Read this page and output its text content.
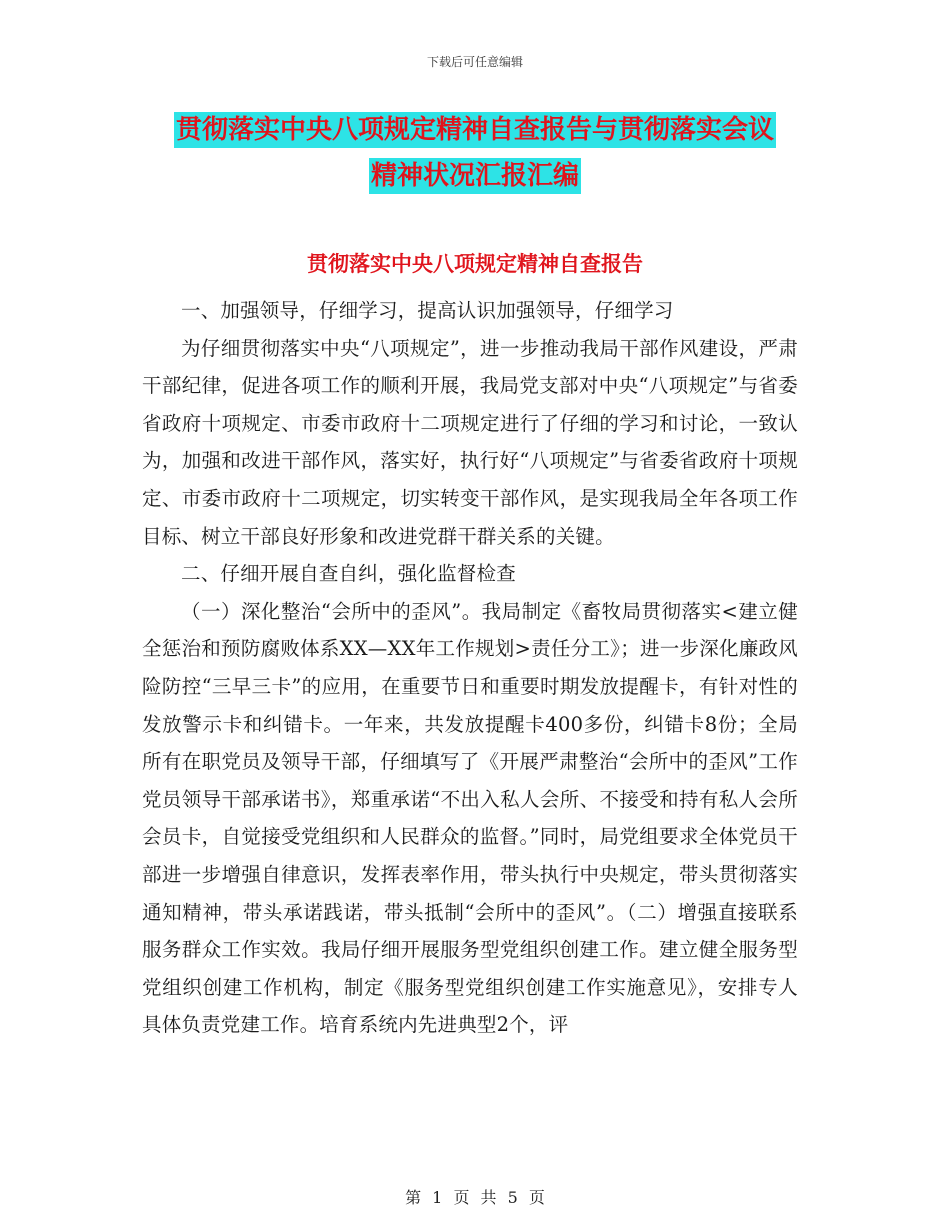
下载后可任意编辑
贯彻落实中央八项规定精神自查报告与贯彻落实会议
精神状况汇报汇编
贯彻落实中央八项规定精神自查报告

一、加强领导，仔细学习，提高认识加强领导，仔细学习

为仔细贯彻落实中央“八项规定”，进一步推动我局干部作风建设，严肃干部纪律，促进各项工作的顺利开展，我局党支部对中央“八项规定”与省委省政府十项规定、市委市政府十二项规定进行了仔细的学习和讨论，一致认为，加强和改进干部作风，落实好，执行好“八项规定”与省委省政府十项规定、市委市政府十二项规定，切实转变干部作风，是实现我局全年各项工作目标、树立干部良好形象和改进党群干群关系的关键。

二、仔细开展自查自纠，强化监督检查

（一）深化整治“会所中的歪风”。我局制定《畜牧局贯彻落实<建立健全惩治和预防腐败体系XX—XX年工作规划>责任分工》；进一步深化廉政风险防控“三早三卡”的应用，在重要节日和重要时期发放提醒卡，有针对性的发放警示卡和纠错卡。一年来，共发放提醒卡400多份，纠错卡8份；全局所有在职党员及领导干部，仔细填写了《开展严肃整治“会所中的歪风”工作党员领导干部承诺书》，郑重承诺“不出入私人会所、不接受和持有私人会所会员卡，自觉接受党组织和人民群众的监督。”同时，局党组要求全体党员干部进一步增强自律意识，发挥表率作用，带头执行中央规定，带头贯彻落实通知精神，带头承诺践诺，带头抵制“会所中的歪风”。（二）增强直接联系服务群众工作实效。我局仔细开展服务型党组织创建工作。建立健全服务型党组织创建工作机构，制定《服务型党组织创建工作实施意见》，安排专人具体负责党建工作。培育系统内先进典型2个，评

第 1 页 共 5 页
